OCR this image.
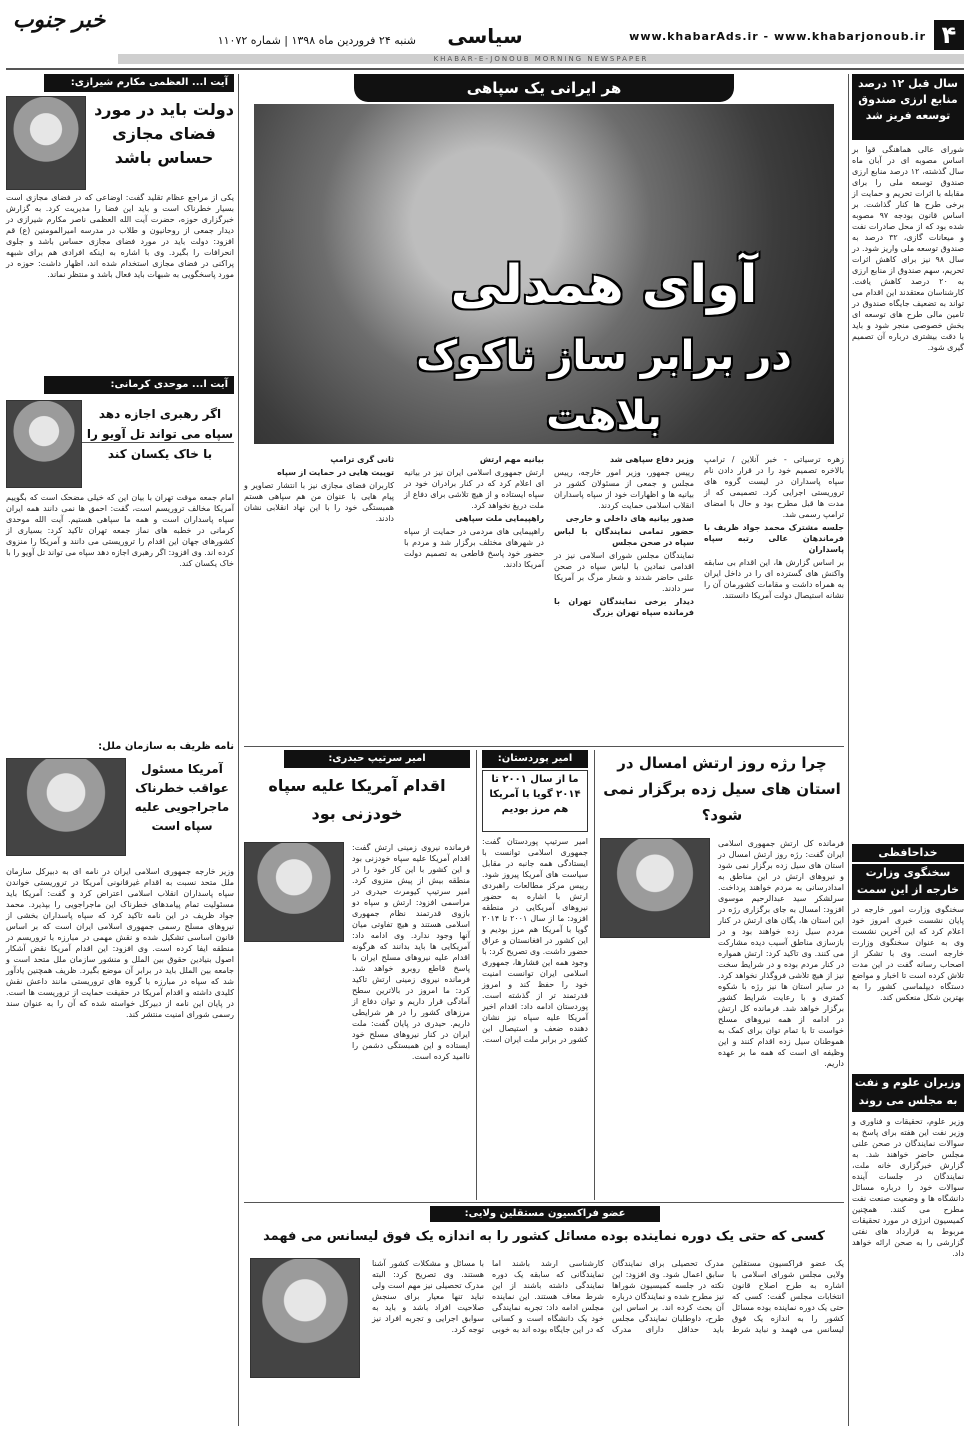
۴
www.khabarAds.ir - www.khabarjonoub.ir
سیاسی
شنبه ۲۴ فروردین ماه ۱۳۹۸ | شماره ۱۱۰۷۲
خبر جنوب
KHABAR-E-JONOUB MORNING NEWSPAPER
سال قبل ۱۲ درصد منابع ارزی صندوق توسعه فریز شد
شورای عالی هماهنگی قوا بر اساس مصوبه ای در آبان ماه سال گذشته، ۱۲ درصد منابع ارزی صندوق توسعه ملی را برای مقابله با اثرات تحریم و حمایت از برخی طرح ها کنار گذاشت. بر اساس قانون بودجه ۹۷ مصوبه شده بود که از محل صادرات نفت و میعانات گازی، ۳۲ درصد به صندوق توسعه ملی واریز شود. در سال ۹۸ نیز برای کاهش اثرات تحریم، سهم صندوق از منابع ارزی به ۲۰ درصد کاهش یافت. کارشناسان معتقدند این اقدام می تواند به تضعیف جایگاه صندوق در تامین مالی طرح های توسعه ای بخش خصوصی منجر شود و باید با دقت بیشتری درباره آن تصمیم گیری شود.
خداحافظی
سخنگوی وزارت خارجه از این سمت
سخنگوی وزارت امور خارجه در پایان نشست خبری امروز خود اعلام کرد که این آخرین نشست وی به عنوان سخنگوی وزارت خارجه است. وی با تشکر از اصحاب رسانه گفت در این مدت تلاش کرده است تا اخبار و مواضع دستگاه دیپلماسی کشور را به بهترین شکل منعکس کند.
وزیران علوم و نفت به مجلس می روند
وزیر علوم، تحقیقات و فناوری و وزیر نفت این هفته برای پاسخ به سوالات نمایندگان در صحن علنی مجلس حاضر خواهند شد. به گزارش خبرگزاری خانه ملت، نمایندگان در جلسات آینده سوالات خود را درباره مسائل دانشگاه ها و وضعیت صنعت نفت مطرح می کنند. همچنین کمیسیون انرژی در مورد تحقیقات مربوط به قرارداد های نفتی گزارشی را به صحن ارائه خواهد داد.
آیت ا... العظمی مکارم شیرازی:
دولت باید در مورد فضای مجازی حساس باشد
یکی از مراجع عظام تقلید گفت: اوضاعی که در فضای مجازی است بسیار خطرناک است و باید این فضا را مدیریت کرد. به گزارش خبرگزاری حوزه، حضرت آیت الله العظمی ناصر مکارم شیرازی در دیدار جمعی از روحانیون و طلاب در مدرسه امیرالمومنین (ع) قم افزود: دولت باید در مورد فضای مجازی حساس باشد و جلوی انحرافات را بگیرد. وی با اشاره به اینکه افرادی هم برای شبهه پراکنی در فضای مجازی استخدام شده اند، اظهار داشت: حوزه در مورد پاسخگویی به شبهات باید فعال باشد و منتظر نماند.
آیت ا... موحدی کرمانی:
اگر رهبری اجازه دهد سپاه می تواند تل آویو را با خاک یکسان کند
امام جمعه موقت تهران با بیان این که خیلی مضحک است که بگوییم آمریکا مخالف تروریسم است، گفت: احمق ها نمی دانند همه ایران سپاه پاسداران است و همه ما سپاهی هستیم. آیت الله موحدی کرمانی در خطبه های نماز جمعه تهران تاکید کرد: بسیاری از کشورهای جهان این اقدام را تروریستی می دانند و آمریکا را منزوی کرده اند. وی افزود: اگر رهبری اجازه دهد سپاه می تواند تل آویو را با خاک یکسان کند.
نامه ظریف به سازمان ملل:
آمریکا مسئول عواقب خطرناک ماجراجویی علیه سپاه است
وزیر خارجه جمهوری اسلامی ایران در نامه ای به دبیرکل سازمان ملل متحد نسبت به اقدام غیرقانونی آمریکا در تروریستی خواندن سپاه پاسداران انقلاب اسلامی اعتراض کرد و گفت: آمریکا باید مسئولیت تمام پیامدهای خطرناک این ماجراجویی را بپذیرد. محمد جواد ظریف در این نامه تاکید کرد که سپاه پاسداران بخشی از نیروهای مسلح رسمی جمهوری اسلامی ایران است که بر اساس قانون اساسی تشکیل شده و نقش مهمی در مبارزه با تروریسم در منطقه ایفا کرده است. وی افزود: این اقدام آمریکا نقض آشکار اصول بنیادین حقوق بین الملل و منشور سازمان ملل متحد است و جامعه بین الملل باید در برابر آن موضع بگیرد. ظریف همچنین یادآور شد که سپاه در مبارزه با گروه های تروریستی مانند داعش نقش کلیدی داشته و اقدام آمریکا در حقیقت حمایت از تروریست ها است. در پایان این نامه از دبیرکل خواسته شده که آن را به عنوان سند رسمی شورای امنیت منتشر کند.
هر ایرانی یک سپاهی
آوای همدلی
در برابر ساز ناکوک بلاهت

زهره ترسیاتی - خبر آنلاین / ترامپ بالاخره تصمیم خود را در قرار دادن نام سپاه پاسداران در لیست گروه های تروریستی اجرایی کرد. تصمیمی که از مدت ها قبل مطرح بود و حال با امضای ترامپ رسمی شد.

جلسه مشترک محمد جواد ظریف با فرماندهان عالی رتبه سپاه پاسداران

بر اساس گزارش ها، این اقدام بی سابقه واکنش های گسترده ای را در داخل ایران به همراه داشت و مقامات کشورمان آن را نشانه استیصال دولت آمریکا دانستند.

وزیر دفاع سپاهی شد

رییس جمهور، وزیر امور خارجه، رییس مجلس و جمعی از مسئولان کشور در بیانیه ها و اظهارات خود از سپاه پاسداران انقلاب اسلامی حمایت کردند.

صدور بیانیه های داخلی و خارجی

حضور تمامی نمایندگان با لباس سپاه در صحن مجلس

نمایندگان مجلس شورای اسلامی نیز در اقدامی نمادین با لباس سپاه در صحن علنی حاضر شدند و شعار مرگ بر آمریکا سر دادند.

دیدار برخی نمایندگان تهران با فرمانده سپاه تهران بزرگ

بیانیه مهم ارتش

ارتش جمهوری اسلامی ایران نیز در بیانیه ای اعلام کرد که در کنار برادران خود در سپاه ایستاده و از هیچ تلاشی برای دفاع از ملت دریغ نخواهد کرد.

راهپیمایی ملت سپاهی

راهپیمایی های مردمی در حمایت از سپاه در شهرهای مختلف برگزار شد و مردم با حضور خود پاسخ قاطعی به تصمیم دولت آمریکا دادند.

ثانی گری ترامپ

توییت هایی در حمایت از سپاه

کاربران فضای مجازی نیز با انتشار تصاویر و پیام هایی با عنوان من هم سپاهی هستم همبستگی خود را با این نهاد انقلابی نشان دادند.

چرا رژه روز ارتش امسال در استان های سیل زده برگزار نمی شود؟
فرمانده کل ارتش جمهوری اسلامی ایران گفت: رژه روز ارتش امسال در استان های سیل زده برگزار نمی شود و نیروهای ارتش در این مناطق به امدادرسانی به مردم خواهند پرداخت. سرلشکر سید عبدالرحیم موسوی افزود: امسال به جای برگزاری رژه در این استان ها، یگان های ارتش در کنار مردم سیل زده خواهند بود و در بازسازی مناطق آسیب دیده مشارکت می کنند. وی تاکید کرد: ارتش همواره در کنار مردم بوده و در شرایط سخت نیز از هیچ تلاشی فروگذار نخواهد کرد. در سایر استان ها نیز رژه با شکوه کمتری و با رعایت شرایط کشور برگزار خواهد شد. فرمانده کل ارتش در ادامه از همه نیروهای مسلح خواست تا با تمام توان برای کمک به هموطنان سیل زده اقدام کنند و این وظیفه ای است که همه ما بر عهده داریم.
امیر پوردستان:
ما از سال ۲۰۰۱ تا ۲۰۱۴ گویا با آمریکا هم مرز بودیم
امیر سرتیپ پوردستان گفت: جمهوری اسلامی توانست با ایستادگی همه جانبه در مقابل سیاست های آمریکا پیروز شود. رییس مرکز مطالعات راهبردی ارتش با اشاره به حضور نیروهای آمریکایی در منطقه افزود: ما از سال ۲۰۰۱ تا ۲۰۱۴ گویا با آمریکا هم مرز بودیم و این کشور در افغانستان و عراق حضور داشت. وی تصریح کرد: با وجود همه این فشارها، جمهوری اسلامی ایران توانست امنیت خود را حفظ کند و امروز قدرتمند تر از گذشته است. پوردستان ادامه داد: اقدام اخیر آمریکا علیه سپاه نیز نشان دهنده ضعف و استیصال این کشور در برابر ملت ایران است.
امیر سرتیپ حیدری:
اقدام آمریکا علیه سپاه خودزنی بود
فرمانده نیروی زمینی ارتش گفت: اقدام آمریکا علیه سپاه خودزنی بود و این کشور با این کار خود را در منطقه بیش از پیش منزوی کرد. امیر سرتیپ کیومرث حیدری در مراسمی افزود: ارتش و سپاه دو بازوی قدرتمند نظام جمهوری اسلامی هستند و هیچ تفاوتی میان آنها وجود ندارد. وی ادامه داد: آمریکایی ها باید بدانند که هرگونه اقدام علیه نیروهای مسلح ایران با پاسخ قاطع روبرو خواهد شد. فرمانده نیروی زمینی ارتش تاکید کرد: ما امروز در بالاترین سطح آمادگی قرار داریم و توان دفاع از مرزهای کشور را در هر شرایطی داریم. حیدری در پایان گفت: ملت ایران در کنار نیروهای مسلح خود ایستاده و این همبستگی دشمن را ناامید کرده است.
عضو فراکسیون مستقلین ولایی:
کسی که حتی یک دوره نماینده بوده مسائل کشور را به اندازه یک فوق لیسانس می فهمد
یک عضو فراکسیون مستقلین ولایی مجلس شورای اسلامی با اشاره به طرح اصلاح قانون انتخابات مجلس گفت: کسی که حتی یک دوره نماینده بوده مسائل کشور را به اندازه یک فوق لیسانس می فهمد و نباید شرط مدرک تحصیلی برای نمایندگان سابق اعمال شود. وی افزود: این نکته در جلسه کمیسیون شوراها نیز مطرح شده و نمایندگان درباره آن بحث کرده اند. بر اساس این طرح، داوطلبان نمایندگی مجلس باید حداقل دارای مدرک کارشناسی ارشد باشند اما نمایندگانی که سابقه یک دوره نمایندگی داشته باشند از این شرط معاف هستند. این نماینده مجلس ادامه داد: تجربه نمایندگی خود یک دانشگاه است و کسانی که در این جایگاه بوده اند به خوبی با مسائل و مشکلات کشور آشنا هستند. وی تصریح کرد: البته مدرک تحصیلی نیز مهم است ولی نباید تنها معیار برای سنجش صلاحیت افراد باشد و باید به سوابق اجرایی و تجربه افراد نیز توجه کرد.
